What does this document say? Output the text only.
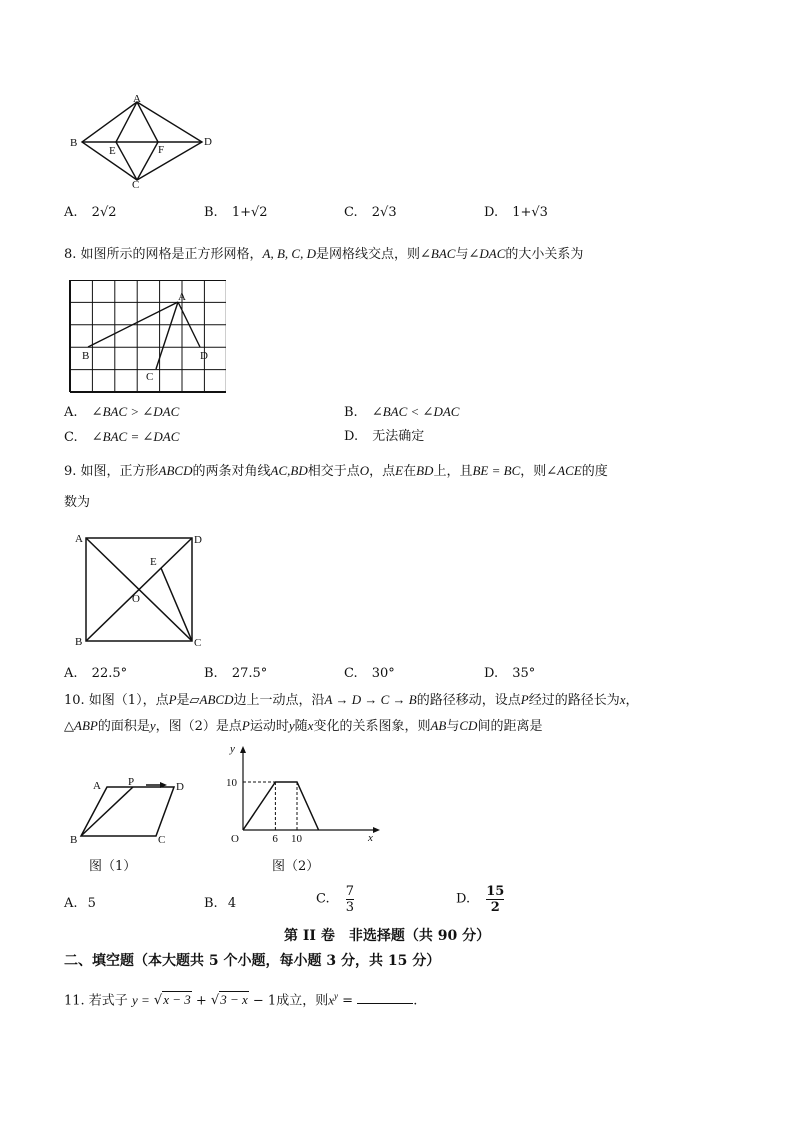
A
B
C
D
E	F
A. 2√2	B. 1+√2	C. 2√3	D. 1+√3
8. 如图所示的网格是正方形网格，A, B, C, D是网格线交点，则∠BAC与∠DAC的大小关系为
A
B
C
D
A. ∠BAC > ∠DAC	B. ∠BAC < ∠DAC
C. ∠BAC = ∠DAC	D. 无法确定
9. 如图，正方形ABCD的两条对角线AC,BD相交于点O，点E在BD上，且BE = BC，则∠ACE的度
数为
A	D
B	C
E
O
A. 22.5°	B. 27.5°	C. 30°	D. 35°
10. 如图（1），点P是▱ABCD边上一动点，沿A → D → C → B的路径移动，设点P经过的路径长为x，
△ABP的面积是y，图（2）是点P运动时y随x变化的关系图象，则AB与CD间的距离是
A P	D
B	C
图（1）
y
x
O
10
6 10
图（2）
A. 5	B. 4	C. $\frac{7}{3}$	D. $\frac{15}{2}$
第 II 卷　非选择题（共 90 分）
二、填空题（本大题共 5 个小题，每小题 3 分，共 15 分）
11. 若式子 y = √x − 3 + √3 − x − 1成立，则$x^y$ =	.
